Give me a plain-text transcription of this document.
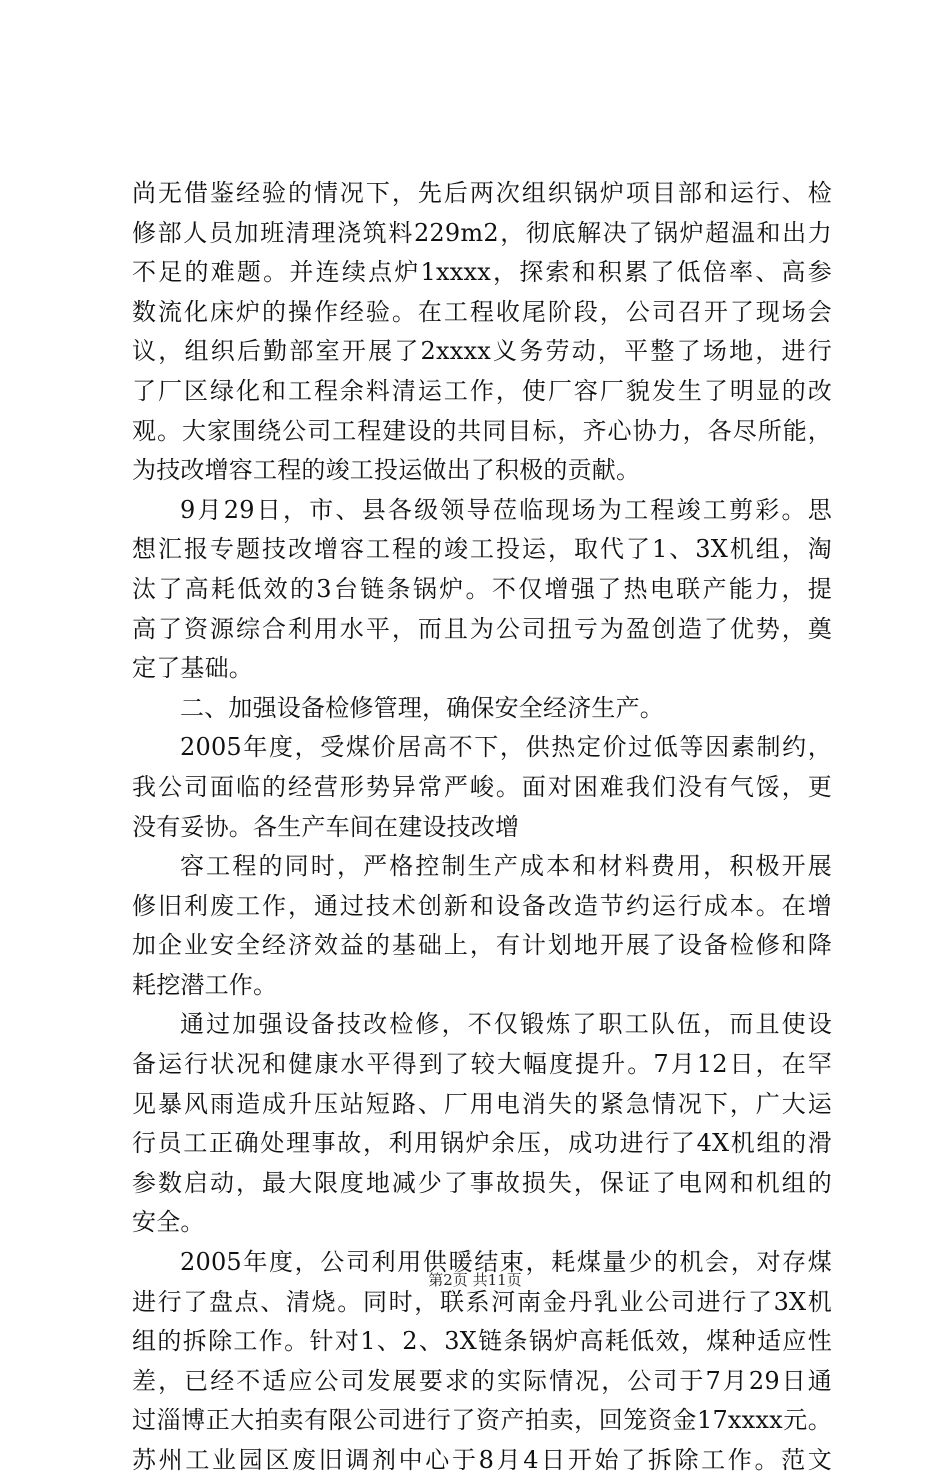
尚无借鉴经验的情况下，先后两次组织锅炉项目部和运行、检
修部人员加班清理浇筑料229m2，彻底解决了锅炉超温和出力
不足的难题。并连续点炉1xxxx，探索和积累了低倍率、高参
数流化床炉的操作经验。在工程收尾阶段，公司召开了现场会
议，组织后勤部室开展了2xxxx义务劳动，平整了场地，进行
了厂区绿化和工程余料清运工作，使厂容厂貌发生了明显的改
观。大家围绕公司工程建设的共同目标，齐心协力，各尽所能，
为技改增容工程的竣工投运做出了积极的贡献。
9月29日，市、县各级领导莅临现场为工程竣工剪彩。思
想汇报专题技改增容工程的竣工投运，取代了1、3X机组，淘
汰了高耗低效的3台链条锅炉。不仅增强了热电联产能力，提
高了资源综合利用水平，而且为公司扭亏为盈创造了优势，奠
定了基础。
二、加强设备检修管理，确保安全经济生产。
2005年度，受煤价居高不下，供热定价过低等因素制约，
我公司面临的经营形势异常严峻。面对困难我们没有气馁，更
没有妥协。各生产车间在建设技改增
容工程的同时，严格控制生产成本和材料费用，积极开展
修旧利废工作，通过技术创新和设备改造节约运行成本。在增
加企业安全经济效益的基础上，有计划地开展了设备检修和降
耗挖潜工作。
通过加强设备技改检修，不仅锻炼了职工队伍，而且使设
备运行状况和健康水平得到了较大幅度提升。7月12日，在罕
见暴风雨造成升压站短路、厂用电消失的紧急情况下，广大运
行员工正确处理事故，利用锅炉余压，成功进行了4X机组的滑
参数启动，最大限度地减少了事故损失，保证了电网和机组的
安全。
2005年度，公司利用供暖结束，耗煤量少的机会，对存煤
进行了盘点、清烧。同时，联系河南金丹乳业公司进行了3X机
组的拆除工作。针对1、2、3X链条锅炉高耗低效，煤种适应性
差，已经不适应公司发展要求的实际情况，公司于7月29日通
过淄博正大拍卖有限公司进行了资产拍卖，回笼资金17xxxx元。
苏州工业园区废旧调剂中心于8月4日开始了拆除工作。范文
第2页 共11页
